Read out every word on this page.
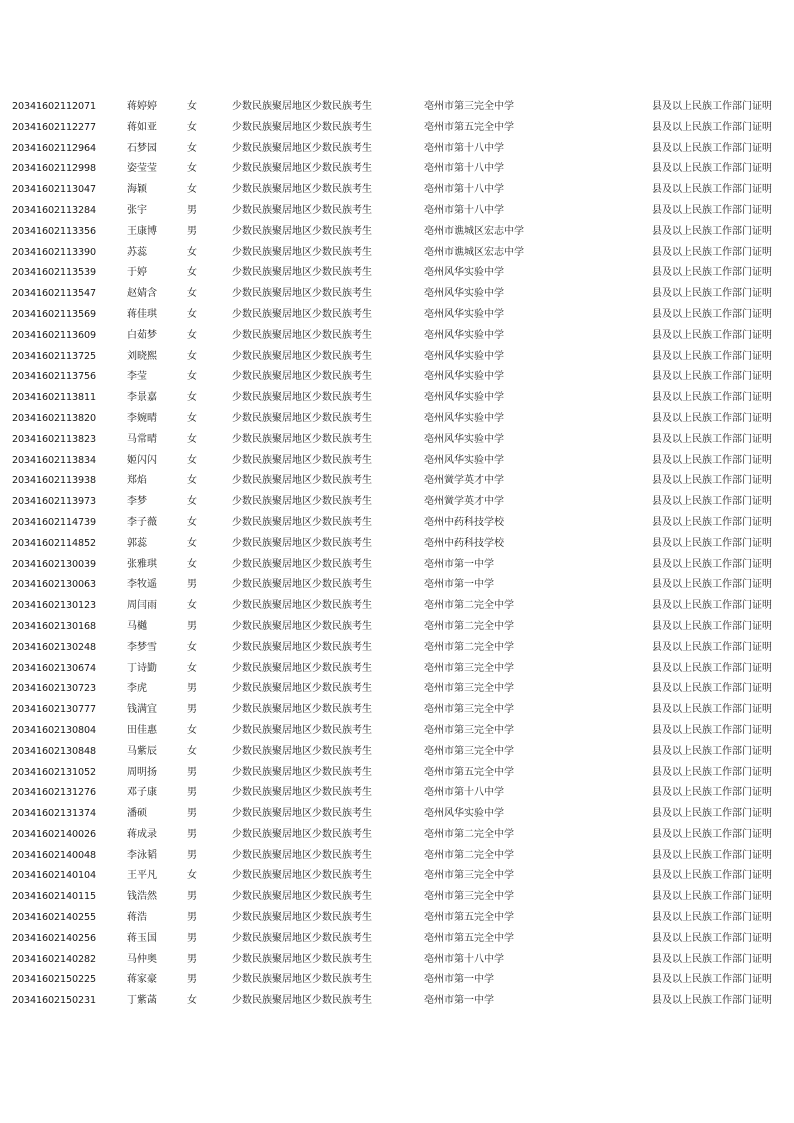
20341602112071	蒋婷婷	女	少数民族聚居地区少数民族考生	亳州市第三完全中学	县及以上民族工作部门证明
20341602112277	蒋如亚	女	少数民族聚居地区少数民族考生	亳州市第五完全中学	县及以上民族工作部门证明
20341602112964	石梦园	女	少数民族聚居地区少数民族考生	亳州市第十八中学	县及以上民族工作部门证明
20341602112998	姿莹莹	女	少数民族聚居地区少数民族考生	亳州市第十八中学	县及以上民族工作部门证明
20341602113047	海颖	女	少数民族聚居地区少数民族考生	亳州市第十八中学	县及以上民族工作部门证明
20341602113284	张宇	男	少数民族聚居地区少数民族考生	亳州市第十八中学	县及以上民族工作部门证明
20341602113356	王康博	男	少数民族聚居地区少数民族考生	亳州市谯城区宏志中学	县及以上民族工作部门证明
20341602113390	苏蕊	女	少数民族聚居地区少数民族考生	亳州市谯城区宏志中学	县及以上民族工作部门证明
20341602113539	于婷	女	少数民族聚居地区少数民族考生	亳州风华实验中学	县及以上民族工作部门证明
20341602113547	赵婧含	女	少数民族聚居地区少数民族考生	亳州风华实验中学	县及以上民族工作部门证明
20341602113569	蒋佳琪	女	少数民族聚居地区少数民族考生	亳州风华实验中学	县及以上民族工作部门证明
20341602113609	白茹梦	女	少数民族聚居地区少数民族考生	亳州风华实验中学	县及以上民族工作部门证明
20341602113725	刘晓熙	女	少数民族聚居地区少数民族考生	亳州风华实验中学	县及以上民族工作部门证明
20341602113756	李莹	女	少数民族聚居地区少数民族考生	亳州风华实验中学	县及以上民族工作部门证明
20341602113811	李景嘉	女	少数民族聚居地区少数民族考生	亳州风华实验中学	县及以上民族工作部门证明
20341602113820	李婉晴	女	少数民族聚居地区少数民族考生	亳州风华实验中学	县及以上民族工作部门证明
20341602113823	马常晴	女	少数民族聚居地区少数民族考生	亳州风华实验中学	县及以上民族工作部门证明
20341602113834	姬闪闪	女	少数民族聚居地区少数民族考生	亳州风华实验中学	县及以上民族工作部门证明
20341602113938	郑焰	女	少数民族聚居地区少数民族考生	亳州黉学英才中学	县及以上民族工作部门证明
20341602113973	李梦	女	少数民族聚居地区少数民族考生	亳州黉学英才中学	县及以上民族工作部门证明
20341602114739	李子薇	女	少数民族聚居地区少数民族考生	亳州中药科技学校	县及以上民族工作部门证明
20341602114852	郭蕊	女	少数民族聚居地区少数民族考生	亳州中药科技学校	县及以上民族工作部门证明
20341602130039	张雅琪	女	少数民族聚居地区少数民族考生	亳州市第一中学	县及以上民族工作部门证明
20341602130063	李牧遥	男	少数民族聚居地区少数民族考生	亳州市第一中学	县及以上民族工作部门证明
20341602130123	周闫雨	女	少数民族聚居地区少数民族考生	亳州市第二完全中学	县及以上民族工作部门证明
20341602130168	马樾	男	少数民族聚居地区少数民族考生	亳州市第二完全中学	县及以上民族工作部门证明
20341602130248	李梦雪	女	少数民族聚居地区少数民族考生	亳州市第二完全中学	县及以上民族工作部门证明
20341602130674	丁诗勤	女	少数民族聚居地区少数民族考生	亳州市第三完全中学	县及以上民族工作部门证明
20341602130723	李虎	男	少数民族聚居地区少数民族考生	亳州市第三完全中学	县及以上民族工作部门证明
20341602130777	钱满宜	男	少数民族聚居地区少数民族考生	亳州市第三完全中学	县及以上民族工作部门证明
20341602130804	田佳惠	女	少数民族聚居地区少数民族考生	亳州市第三完全中学	县及以上民族工作部门证明
20341602130848	马紫辰	女	少数民族聚居地区少数民族考生	亳州市第三完全中学	县及以上民族工作部门证明
20341602131052	周明扬	男	少数民族聚居地区少数民族考生	亳州市第五完全中学	县及以上民族工作部门证明
20341602131276	邓子康	男	少数民族聚居地区少数民族考生	亳州市第十八中学	县及以上民族工作部门证明
20341602131374	潘硕	男	少数民族聚居地区少数民族考生	亳州风华实验中学	县及以上民族工作部门证明
20341602140026	蒋成录	男	少数民族聚居地区少数民族考生	亳州市第二完全中学	县及以上民族工作部门证明
20341602140048	李泳韬	男	少数民族聚居地区少数民族考生	亳州市第二完全中学	县及以上民族工作部门证明
20341602140104	王平凡	女	少数民族聚居地区少数民族考生	亳州市第三完全中学	县及以上民族工作部门证明
20341602140115	钱浩然	男	少数民族聚居地区少数民族考生	亳州市第三完全中学	县及以上民族工作部门证明
20341602140255	蒋浩	男	少数民族聚居地区少数民族考生	亳州市第五完全中学	县及以上民族工作部门证明
20341602140256	蒋玉国	男	少数民族聚居地区少数民族考生	亳州市第五完全中学	县及以上民族工作部门证明
20341602140282	马仲奥	男	少数民族聚居地区少数民族考生	亳州市第十八中学	县及以上民族工作部门证明
20341602150225	蒋家豪	男	少数民族聚居地区少数民族考生	亳州市第一中学	县及以上民族工作部门证明
20341602150231	丁紫菡	女	少数民族聚居地区少数民族考生	亳州市第一中学	县及以上民族工作部门证明
